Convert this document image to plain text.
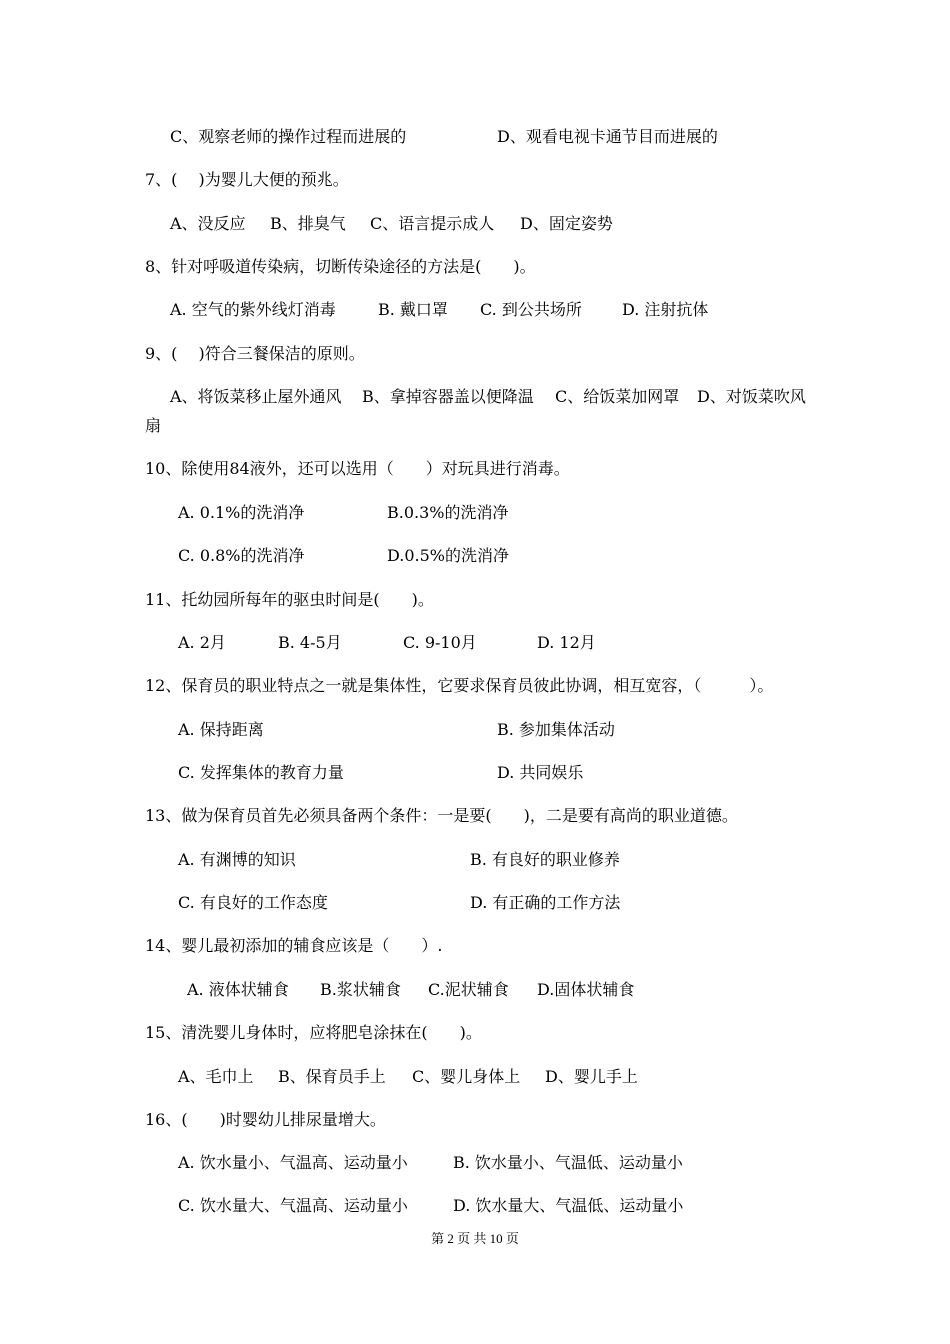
C、观察老师的操作过程而进展的	D、观看电视卡通节目而进展的
7、(　 )为婴儿大便的预兆。
A、没反应 B、排臭气 C、语言提示成人 D、固定姿势
8、针对呼吸道传染病，切断传染途径的方法是(　　)。
A. 空气的紫外线灯消毒	B. 戴口罩 C. 到公共场所	D. 注射抗体
9、(　 )符合三餐保洁的原则。
A、将饭菜移止屋外通风 B、拿掉容器盖以便降温 C、给饭菜加网罩 D、对饭菜吹风
扇
10、除使用84液外，还可以选用（　　）对玩具进行消毒。
A. 0.1%的洗消净	B.0.3%的洗消净
C. 0.8%的洗消净	D.0.5%的洗消净
11、托幼园所每年的驱虫时间是(　　)。
A. 2月	B. 4-5月	C. 9-10月	D. 12月
12、保育员的职业特点之一就是集体性，它要求保育员彼此协调，相互宽容，（　　　）。
A. 保持距离	B. 参加集体活动
C. 发挥集体的教育力量	D. 共同娱乐
13、做为保育员首先必须具备两个条件：一是要(　　)，二是要有高尚的职业道德。
A. 有渊博的知识	B. 有良好的职业修养
C. 有良好的工作态度	D. 有正确的工作方法
14、婴儿最初添加的辅食应该是（　　）.
A. 液体状辅食 B.浆状辅食 C.泥状辅食 D.固体状辅食
15、清洗婴儿身体时，应将肥皂涂抹在(　　)。
A、毛巾上 B、保育员手上 C、婴儿身体上 D、婴儿手上
16、(　　)时婴幼儿排尿量增大。
A. 饮水量小、气温高、运动量小	B. 饮水量小、气温低、运动量小
C. 饮水量大、气温高、运动量小	D. 饮水量大、气温低、运动量小
第 2 页 共 10 页
